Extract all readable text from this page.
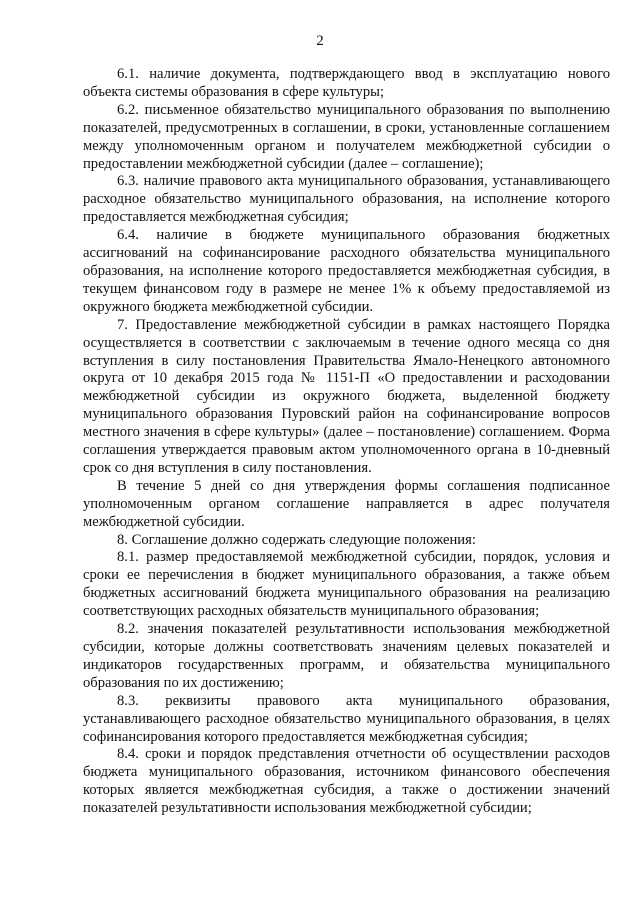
2

6.1. наличие документа, подтверждающего ввод в эксплуатацию нового объекта системы образования в сфере культуры;

6.2. письменное обязательство муниципального образования по выполнению показателей, предусмотренных в соглашении, в сроки, установленные соглашением между уполномоченным органом и получателем межбюджетной субсидии о предоставлении межбюджетной субсидии (далее – соглашение);

6.3. наличие правового акта муниципального образования, устанавливающего расходное обязательство муниципального образования, на исполнение которого предоставляется межбюджетная субсидия;

6.4. наличие в бюджете муниципального образования бюджетных ассигнований на софинансирование расходного обязательства муниципального образования, на исполнение которого предоставляется межбюджетная субсидия, в текущем финансовом году в размере не менее 1% к объему предоставляемой из окружного бюджета межбюджетной субсидии.

7. Предоставление межбюджетной субсидии в рамках настоящего Порядка осуществляется в соответствии с заключаемым в течение одного месяца со дня вступления в силу постановления Правительства Ямало-Ненецкого автономного округа от 10 декабря 2015 года № 1151-П «О предоставлении и расходовании межбюджетной субсидии из окружного бюджета, выделенной бюджету муниципального образования Пуровский район на софинансирование вопросов местного значения в сфере культуры» (далее – постановление) соглашением. Форма соглашения утверждается правовым актом уполномоченного органа в 10-дневный срок со дня вступления в силу постановления.

В течение 5 дней со дня утверждения формы соглашения подписанное уполномоченным органом соглашение направляется в адрес получателя межбюджетной субсидии.

8. Соглашение должно содержать следующие положения:

8.1. размер предоставляемой межбюджетной субсидии, порядок, условия и сроки ее перечисления в бюджет муниципального образования, а также объем бюджетных ассигнований бюджета муниципального образования на реализацию соответствующих расходных обязательств муниципального образования;

8.2. значения показателей результативности использования межбюджетной субсидии, которые должны соответствовать значениям целевых показателей и индикаторов государственных программ, и обязательства муниципального образования по их достижению;

8.3. реквизиты правового акта муниципального образования, устанавливающего расходное обязательство муниципального образования, в целях софинансирования которого предоставляется межбюджетная субсидия;

8.4. сроки и порядок представления отчетности об осуществлении расходов бюджета муниципального образования, источником финансового обеспечения которых является межбюджетная субсидия, а также о достижении значений показателей результативности использования межбюджетной субсидии;
